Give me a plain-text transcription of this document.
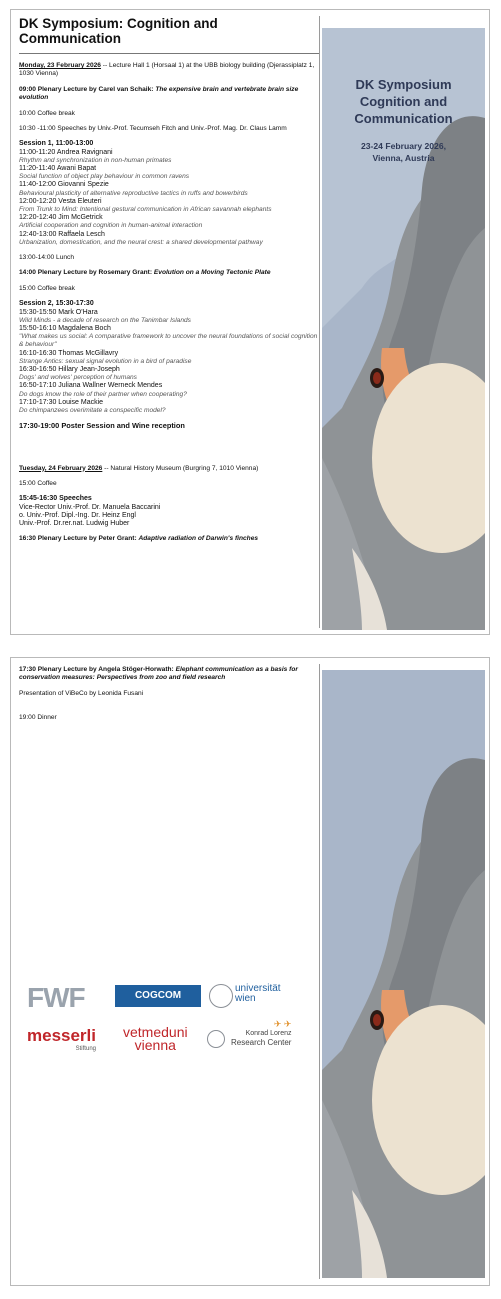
DK Symposium: Cognition and Communication
Monday, 23 February 2026 -- Lecture Hall 1 (Horsaal 1) at the UBB biology building (Djerassiplatz 1, 1030 Vienna)
09:00 Plenary Lecture by Carel van Schaik: The expensive brain and vertebrate brain size evolution
10:00 Coffee break
10:30 -11:00 Speeches by Univ.-Prof. Tecumseh Fitch and Univ.-Prof. Mag. Dr. Claus Lamm
Session 1, 11:00-13:00
11:00-11:20 Andrea Ravignani
Rhythm and synchronization in non-human primates
11:20-11:40 Awani Bapat
Social function of object play behaviour in common ravens
11:40-12:00 Giovanni Spezie
Behavioural plasticity of alternative reproductive tactics in ruffs and bowerbirds
12:00-12:20 Vesta Eleuteri
From Trunk to Mind: Intentional gestural communication in African savannah elephants
12:20-12:40 Jim McGetrick
Artificial cooperation and cognition in human-animal interaction
12:40-13:00 Raffaela Lesch
Urbanization, domestication, and the neural crest: a shared developmental pathway
13:00-14:00 Lunch
14:00 Plenary Lecture by Rosemary Grant: Evolution on a Moving Tectonic Plate
15:00 Coffee break
Session 2, 15:30-17:30
15:30-15:50 Mark O'Hara
Wild Minds - a decade of research on the Tanimbar Islands
15:50-16:10 Magdalena Boch
"What makes us social: A comparative framework to uncover the neural foundations of social cognition & behaviour"
16:10-16:30 Thomas McGillavry
Strange Antics: sexual signal evolution in a bird of paradise
16:30-16:50 Hillary Jean-Joseph
Dogs' and wolves' perception of humans
16:50-17:10 Juliana Wallner Werneck Mendes
Do dogs know the role of their partner when cooperating?
17:10-17:30 Louise Mackie
Do chimpanzees overimitate a conspecific model?
17:30-19:00 Poster Session and Wine reception
Tuesday, 24 February 2026 -- Natural History Museum (Burgring 7, 1010 Vienna)
15:00 Coffee
15:45-16:30 Speeches
Vice-Rector Univ.-Prof. Dr. Manuela Baccarini
o. Univ.-Prof. Dipl.-Ing. Dr. Heinz Engl
Univ.-Prof. Dr.rer.nat. Ludwig Huber
16:30 Plenary Lecture by Peter Grant: Adaptive radiation of Darwin's finches
DK Symposium
Cognition and
Communication
23-24 February 2026,
Vienna, Austria
17:30 Plenary Lecture by Angela Stöger-Horwath: Elephant communication as a basis for conservation measures: Perspectives from zoo and field research
Presentation of ViBeCo by Leonida Fusani
19:00 Dinner
FWF	COGCOM
universität
wien
messerli
Stiftung
vetmeduni
vienna
✈ ✈
Konrad Lorenz
Research Center
